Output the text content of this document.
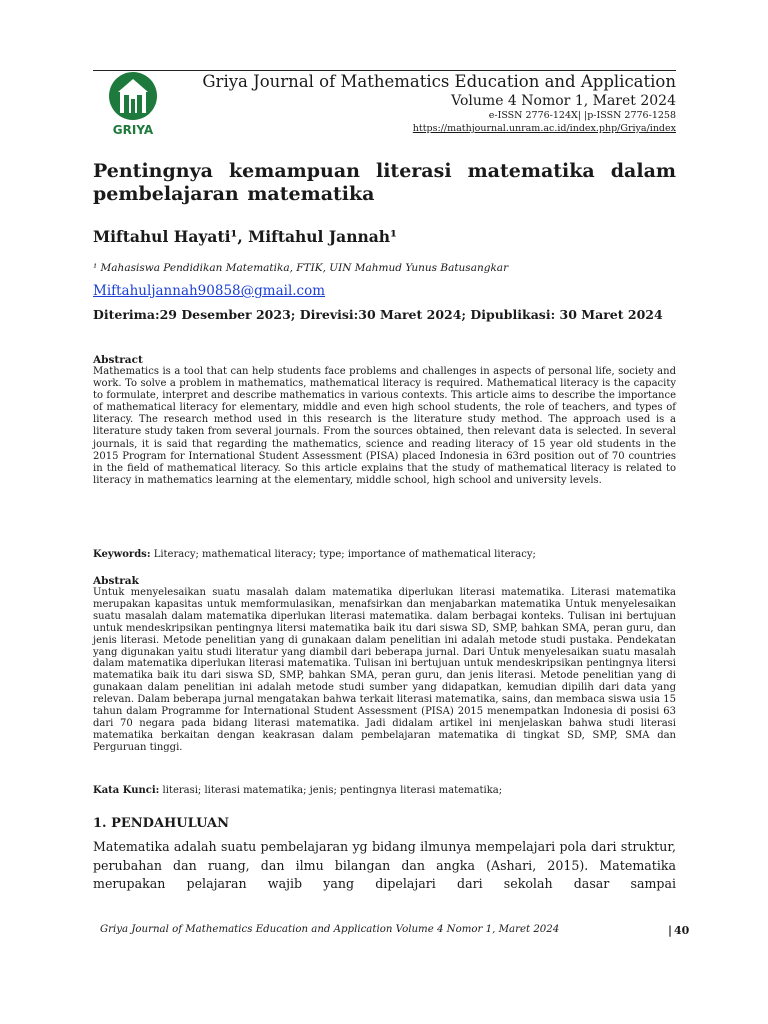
GRIYA
Griya Journal of Mathematics Education and Application
Volume 4 Nomor 1, Maret 2024
e-ISSN 2776-124X| |p-ISSN 2776-1258
https://mathjournal.unram.ac.id/index.php/Griya/index
Pentingnya kemampuan literasi matematika dalam pembelajaran matematika
Miftahul Hayati¹, Miftahul Jannah¹
¹ Mahasiswa Pendidikan Matematika, FTIK, UIN Mahmud Yunus Batusangkar
Miftahuljannah90858@gmail.com
Diterima:29 Desember 2023; Direvisi:30 Maret 2024; Dipublikasi: 30 Maret 2024
Abstract
Mathematics is a tool that can help students face problems and challenges in aspects of personal life, society and work. To solve a problem in mathematics, mathematical literacy is required. Mathematical literacy is the capacity to formulate, interpret and describe mathematics in various contexts. This article aims to describe the importance of mathematical literacy for elementary, middle and even high school students, the role of teachers, and types of literacy. The research method used in this research is the literature study method. The approach used is a literature study taken from several journals. From the sources obtained, then relevant data is selected. In several journals, it is said that regarding the mathematics, science and reading literacy of 15 year old students in the 2015 Program for International Student Assessment (PISA) placed Indonesia in 63rd position out of 70 countries in the field of mathematical literacy. So this article explains that the study of mathematical literacy is related to literacy in mathematics learning at the elementary, middle school, high school and university levels.
Keywords: Literacy; mathematical literacy; type; importance of mathematical literacy;
Abstrak
Untuk menyelesaikan suatu masalah dalam matematika diperlukan literasi matematika. Literasi matematika merupakan kapasitas untuk memformulasikan, menafsirkan dan menjabarkan matematika Untuk menyelesaikan suatu masalah dalam matematika diperlukan literasi matematika. dalam berbagai konteks. Tulisan ini bertujuan untuk mendeskripsikan pentingnya litersi matematika baik itu dari siswa SD, SMP, bahkan SMA, peran guru, dan jenis literasi. Metode penelitian yang di gunakaan dalam penelitian ini adalah metode studi pustaka. Pendekatan yang digunakan yaitu studi literatur yang diambil dari beberapa jurnal. Dari Untuk menyelesaikan suatu masalah dalam matematika diperlukan literasi matematika. Tulisan ini bertujuan untuk mendeskripsikan pentingnya litersi matematika baik itu dari siswa SD, SMP, bahkan SMA, peran guru, dan jenis literasi. Metode penelitian yang di gunakaan dalam penelitian ini adalah metode studi sumber yang didapatkan, kemudian dipilih dari data yang relevan. Dalam beberapa jurnal mengatakan bahwa terkait literasi matematika, sains, dan membaca siswa usia 15 tahun dalam Programme for International Student Assessment (PISA) 2015 menempatkan Indonesia di posisi 63 dari 70 negara pada bidang literasi matematika. Jadi didalam artikel ini menjelaskan bahwa studi literasi matematika berkaitan dengan keakrasan dalam pembelajaran matematika di tingkat SD, SMP, SMA dan Perguruan tinggi.
Kata Kunci: literasi; literasi matematika; jenis; pentingnya literasi matematika;
1. PENDAHULUAN
Matematika adalah suatu pembelajaran yg bidang ilmunya mempelajari pola dari struktur, perubahan dan ruang, dan ilmu bilangan dan angka (Ashari, 2015). Matematika merupakan pelajaran wajib yang dipelajari dari sekolah dasar sampai
Griya Journal of Mathematics Education and Application Volume 4 Nomor 1, Maret 2024	| 40
